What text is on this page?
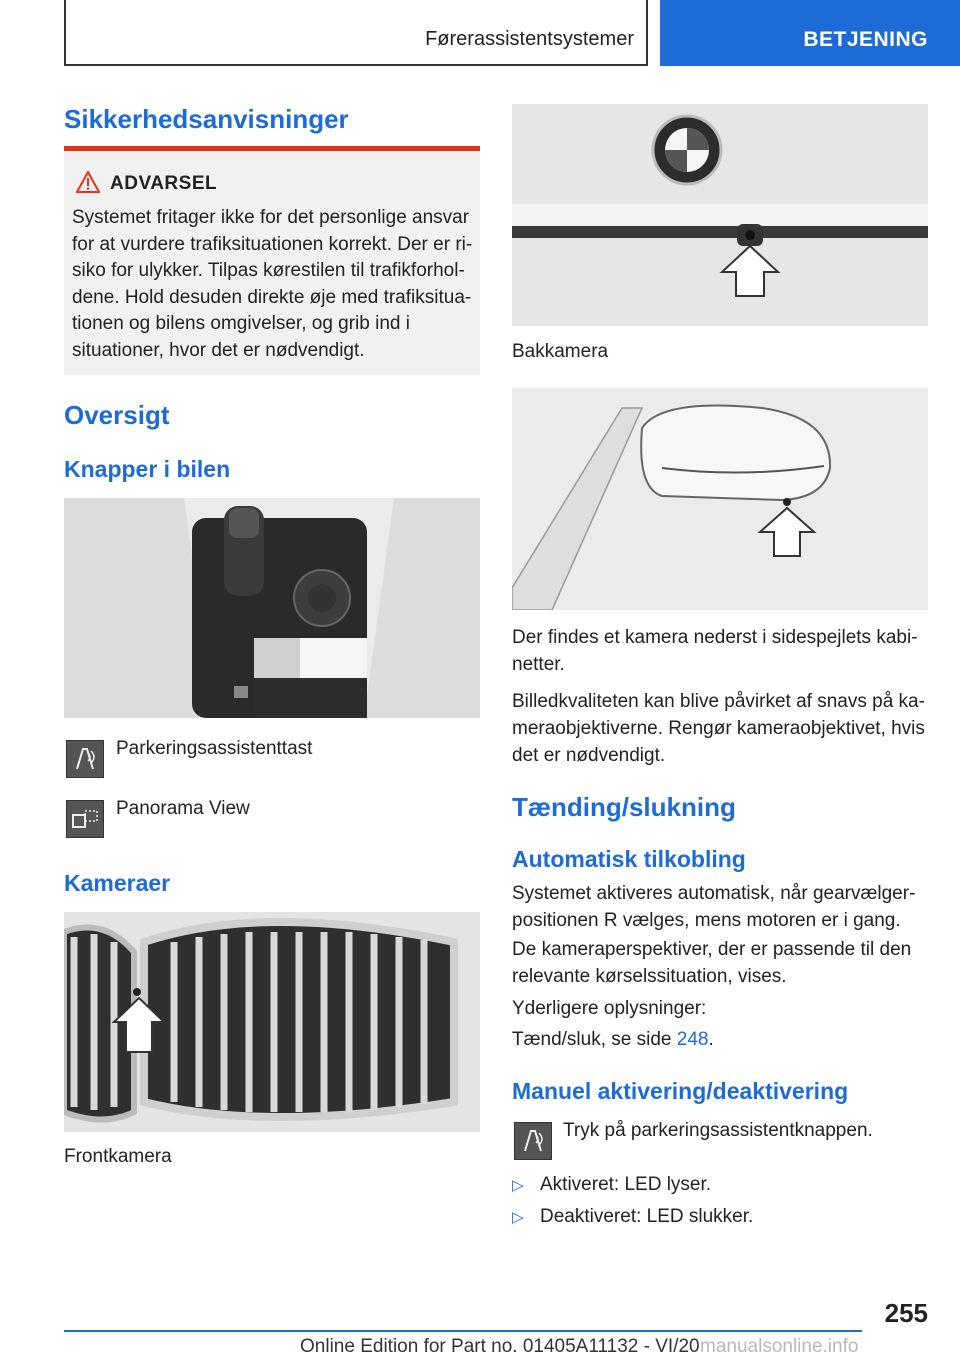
Førerassistentsystemer	BETJENING
Sikkerhedsanvisninger
ADVARSEL
Systemet fritager ikke for det personlige ansvar for at vurdere trafiksituationen korrekt. Der er risiko for ulykker. Tilpas kørestilen til trafikforholdene. Hold desuden direkte øje med trafiksituationen og bilens omgivelser, og grib ind i situationer, hvor det er nødvendigt.
Oversigt
Knapper i bilen
Parkeringsassistenttast
Panorama View
Kameraer
Frontkamera
Bakkamera
Der findes et kamera nederst i sidespejlets kabinetter.
Billedkvaliteten kan blive påvirket af snavs på kameraobjektiverne. Rengør kameraobjektivet, hvis det er nødvendigt.
Tænding/slukning
Automatisk tilkobling
Systemet aktiveres automatisk, når gearvælgerpositionen R vælges, mens motoren er i gang.
De kameraperspektiver, der er passende til den relevante kørselssituation, vises.
Yderligere oplysninger:
Tænd/sluk, se side 248.
Manuel aktivering/deaktivering
Tryk på parkeringsassistentknappen.
▷ Aktiveret: LED lyser.
▷ Deaktiveret: LED slukker.
255
Online Edition for Part no. 01405A11132 - VI/20 manualsonline.info
